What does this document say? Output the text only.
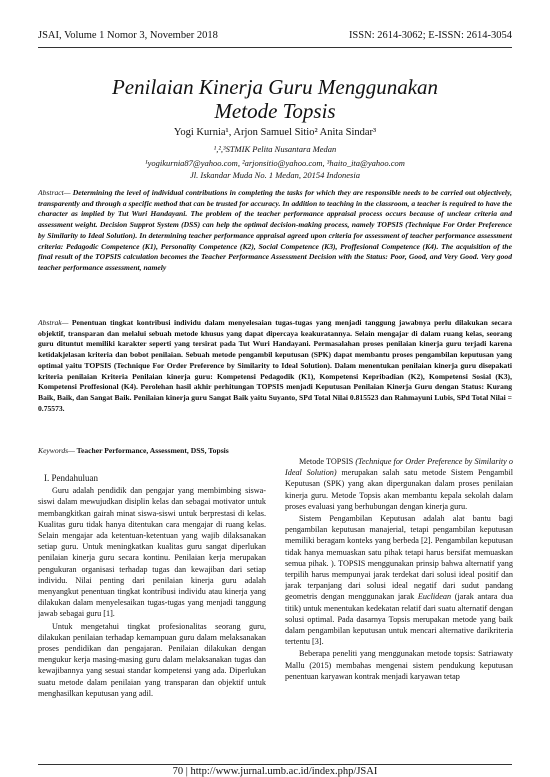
JSAI, Volume 1 Nomor 3, November 2018	ISSN: 2614-3062; E-ISSN: 2614-3054
Penilaian Kinerja Guru Menggunakan
Metode Topsis
Yogi Kurnia¹, Arjon Samuel Sitio² Anita Sindar³
¹,²,³STMIK Pelita Nusantara Medan
¹yogikurnia87@yahoo.com, ²arjonsitio@yahoo.com, ³haito_ita@yahoo.com
Jl. Iskandar Muda No. 1 Medan, 20154 Indonesia
Abstract— Determining the level of individual contributions in completing the tasks for which they are responsible needs to be carried out objectively, transparently and through a specific method that can be trusted for accuracy. In addition to teaching in the classroom, a teacher is required to have the character as implied by Tut Wuri Handayani. The problem of the teacher performance appraisal process occurs because of unclear criteria and assessment weight. Decision Supprot System (DSS) can help the optimal decision-making process, namely TOPSIS (Technique For Order Preference by Similarity to Ideal Solution). In determining teacher performance appraisal agreed upon criteria for assessment of teacher performance assessment criteria: Pedagodic Competence (K1), Personality Competence (K2), Social Competence (K3), Proffesional Competence (K4). The acquisition of the final result of the TOPSIS calculation becomes the Teacher Performance Assessment Decision with the Status: Poor, Good, and Very Good. Very good teacher performance assessment, namely
Abstrak— Penentuan tingkat kontribusi individu dalam menyelesaian tugas-tugas yang menjadi tanggung jawabnya perlu dilakukan secara objektif, transparan dan melalui sebuah metode khusus yang dapat dipercaya keakuratannya. Selain mengajar di dalam ruang kelas, seorang guru dituntut memiliki karakter seperti yang tersirat pada Tut Wuri Handayani. Permasalahan proses penilaian kinerja guru terjadi karena ketidakjelasan kriteria dan bobot penilaian. Sebuah metode pengambil keputusan (SPK) dapat membantu proses pengambilan keputusan yang optimal yaitu TOPSIS (Technique For Order Preference by Similarity to Ideal Solution). Dalam menentukan penilaian kinerja guru disepakati kriteria penilaian Kriteria Penilaian kinerja guru: Kompetensi Pedagodik (K1), Kompetensi Kepribadian (K2), Kompetensi Sosial (K3), Kompetensi Proffesional (K4). Perolehan hasil akhir perhitungan TOPSIS menjadi Keputusan Penilaian Kinerja Guru dengan Status: Kurang Baik, Baik, dan Sangat Baik. Penilaian kinerja guru Sangat Baik yaitu Suyanto, SPd Total Nilai 0.815523 dan Rahmayuni Lubis, SPd Total Nilai = 0.75573.
Keywords— Teacher Performance, Assessment, DSS, Topsis
I. Pendahuluan

Guru adalah pendidik dan pengajar yang membimbing siswa-siswi dalam mewujudkan disiplin kelas dan sebagai motivator untuk membangkitkan gairah minat siswa-siswi untuk berprestasi di kelas. Kualitas guru tidak hanya ditentukan cara mengajar di ruang kelas. Selain mengajar ada ketentuan-ketentuan yang wajib dilaksanakan setiap guru. Untuk meningkatkan kualitas guru sangat diperlukan penilaian kinerja guru secara kontinu. Penilaian kerja merupakan pengukuran organisasi terhadap tugas dan kewajiban dari setiap individu. Nilai penting dari penilaian kinerja guru adalah menyangkut penentuan tingkat kontribusi individu atau kinerja yang dilakukan dalam menyelesaikan tugas-tugas yang menjadi tanggung jawab sebagai guru [1].

Untuk mengetahui tingkat profesionalitas seorang guru, dilakukan penilaian terhadap kemampuan guru dalam melaksanakan proses pendidikan dan pengajaran. Penilaian dilakukan dengan mengukur kerja masing-masing guru dalam melaksanakan tugas dan kewajibannya yang sesuai standar kompetensi yang ada. Diperlukan suatu metode dalam penilaian yang transparan dan objektif untuk menghasilkan keputusan yang adil.

Metode TOPSIS (Technique for Order Preference by Similarity o Ideal Solution) merupakan salah satu metode Sistem Pengambil Keputusan (SPK) yang akan dipergunakan dalam proses penilaian kinerja guru. Metode Topsis akan membantu kepala sekolah dalam proses evaluasi yang berhubungan dengan kinerja guru.

Sistem Pengambilan Keputusan adalah alat bantu bagi pengambilan keputusan manajerial, tetapi pengambilan keputusan memiliki beragam konteks yang berbeda [2]. Pengambilan keputusan tidak hanya memuaskan satu pihak tetapi harus bersifat memuaskan semua pihak. ). TOPSIS menggunakan prinsip bahwa alternatif yang terpilih harus mempunyai jarak terdekat dari solusi ideal positif dan jarak terpanjang dari solusi ideal negatif dari sudut pandang geometris dengan menggunakan jarak Euclidean (jarak antara dua titik) untuk menentukan kedekatan relatif dari suatu alternatif dengan solusi optimal. Pada dasarnya Topsis merupakan metode yang baik dalam pengambilan keputusan untuk mencari alternative darikriteria tertentu [3].

Beberapa peneliti yang menggunakan metode topsis: Satriawaty Mallu (2015) membahas mengenai sistem pendukung keputusan penentuan karyawan kontrak menjadi karyawan tetap

70 | http://www.jurnal.umb.ac.id/index.php/JSAI
